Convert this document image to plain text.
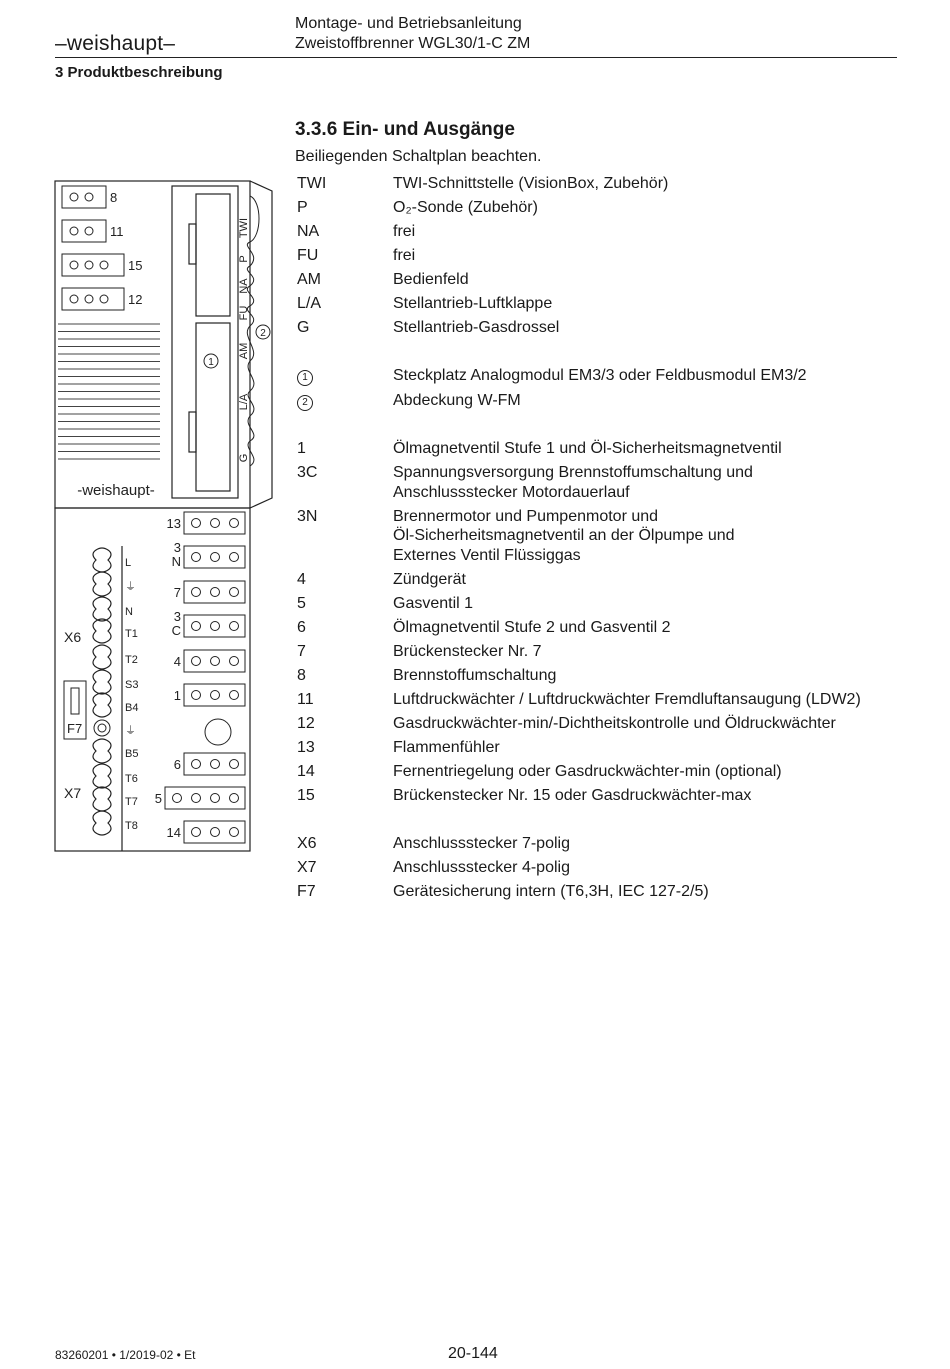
–weishaupt–
Montage- und Betriebsanleitung
Zweistoffbrenner WGL30/1-C ZM
3 Produktbeschreibung
3.3.6 Ein- und Ausgänge
Beiliegenden Schaltplan beachten.
8
11
15
12
TWI
P
NA
FU
AM
L/A
G
1
2
-weishaupt-
13
3 N
7
3 C
4
1
6
5
14
L
⏚
N
T1
T2
S3
B4
⏚
B5
T6
T7
T8
X6
X7
F7
TWI	TWI-Schnittstelle (VisionBox, Zubehör)
P	O₂-Sonde (Zubehör)
NA	frei
FU	frei
AM	Bedienfeld
L/A	Stellantrieb-Luftklappe
G	Stellantrieb-Gasdrossel
1	Steckplatz Analogmodul EM3/3 oder Feldbusmodul EM3/2
2	Abdeckung W-FM
1	Ölmagnetventil Stufe 1 und Öl-Sicherheitsmagnetventil
3C	Spannungsversorgung Brennstoffumschaltung und
Anschlussstecker Motordauerlauf
3N	Brennermotor und Pumpenmotor und
Öl-Sicherheitsmagnetventil an der Ölpumpe und
Externes Ventil Flüssiggas
4	Zündgerät
5	Gasventil 1
6	Ölmagnetventil Stufe 2 und Gasventil 2
7	Brückenstecker Nr. 7
8	Brennstoffumschaltung
11	Luftdruckwächter / Luftdruckwächter Fremdluftansaugung (LDW2)
12	Gasdruckwächter-min/-Dichtheitskontrolle und Öldruckwächter
13	Flammenfühler
14	Fernentriegelung oder Gasdruckwächter-min (optional)
15	Brückenstecker Nr. 15 oder Gasdruckwächter-max
X6	Anschlussstecker 7-polig
X7	Anschlussstecker 4-polig
F7	Gerätesicherung intern (T6,3H, IEC 127-2/5)
83260201 • 1/2019-02 • Et	20-144
